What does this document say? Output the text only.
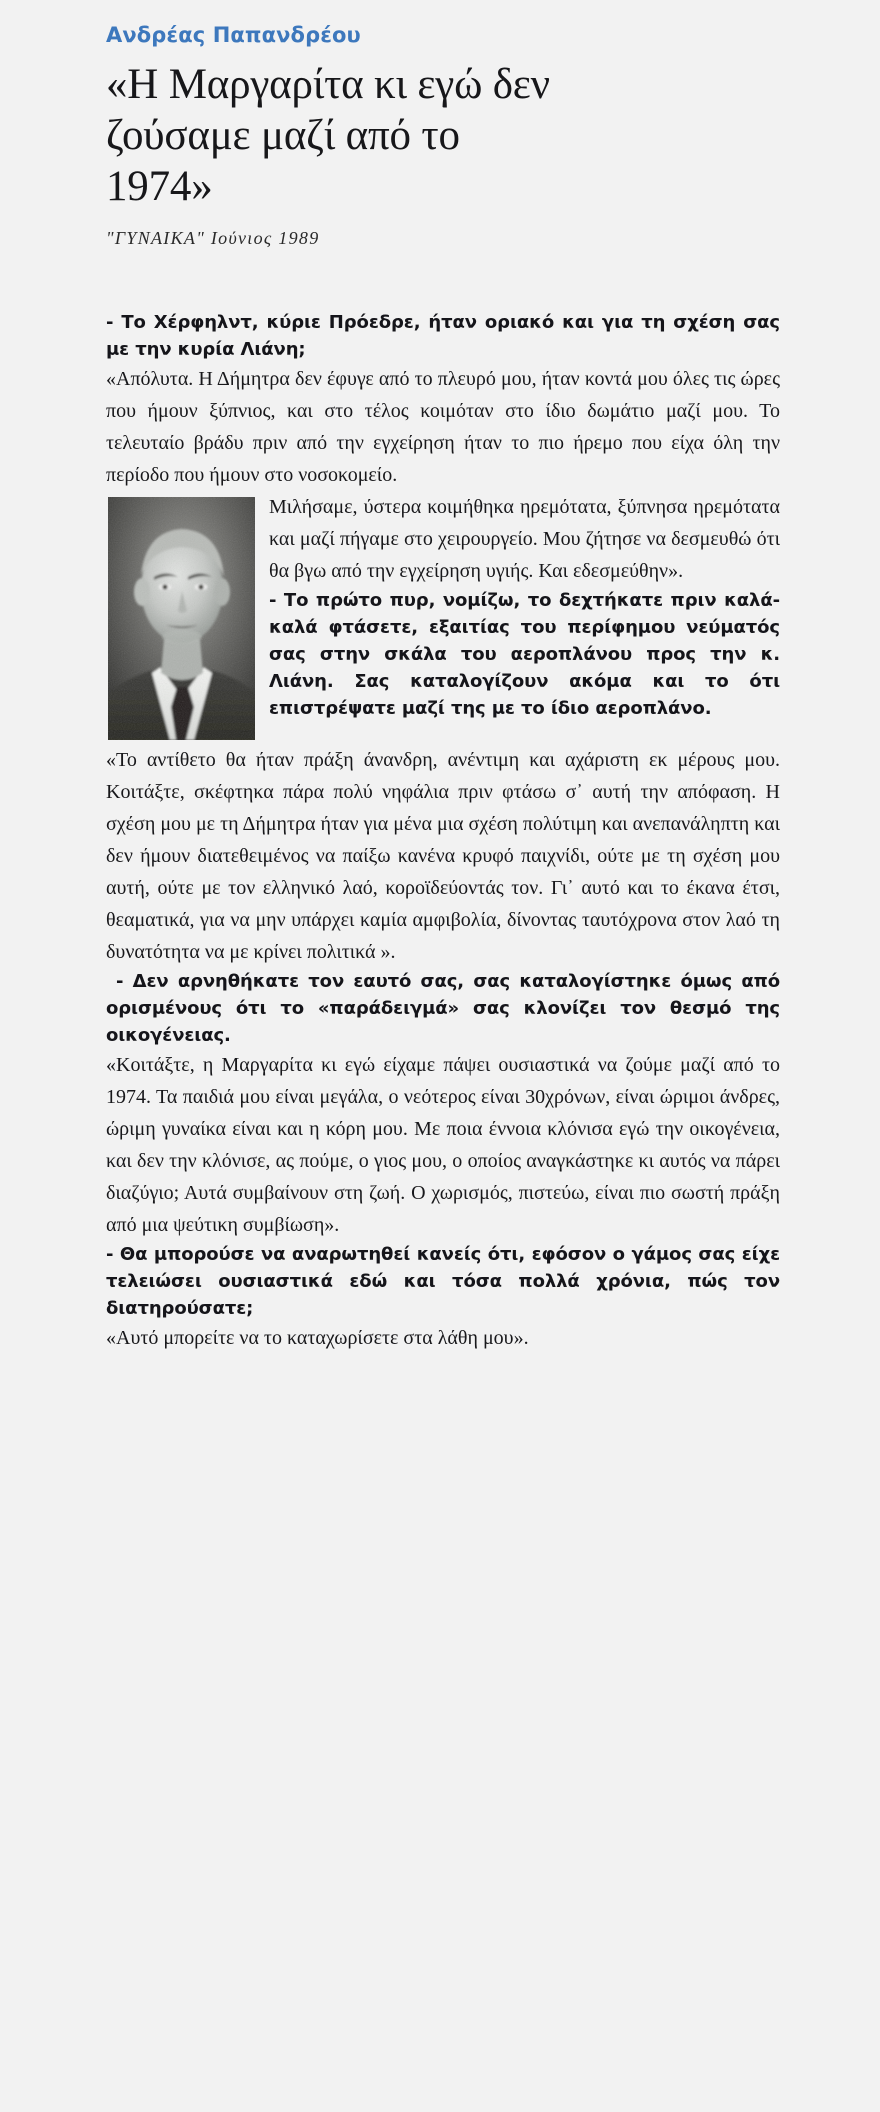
Ανδρέας Παπανδρέου
«Η Μαργαρίτα κι εγώ δεν ζούσαμε μαζί από το 1974»
"ΓΥΝΑΙΚΑ" Ιούνιος 1989

- Το Χέρφηλντ, κύριε Πρόεδρε, ήταν οριακό και για τη σχέση σας με την κυρία Λιάνη;

«Απόλυτα. Η Δήμητρα δεν έφυγε από το πλευρό μου, ήταν κοντά μου όλες τις ώρες που ήμουν ξύπνιος, και στο τέλος κοιμόταν στο ίδιο δωμάτιο μαζί μου. Το τελευταίο βράδυ πριν από την εγχείρηση ήταν το πιο ήρεμο που είχα όλη την περίοδο που ήμουν στο νοσοκομείο.

Μιλήσαμε, ύστερα κοιμήθηκα ηρεμότατα, ξύπνησα ηρεμότατα και μαζί πήγαμε στο χειρουργείο. Μου ζήτησε να δεσμευθώ ότι θα βγω από την εγχείρηση υγιής. Και εδεσμεύθην».

- Το πρώτο πυρ, νομίζω, το δεχτήκατε πριν καλά-καλά φτάσετε, εξαιτίας του περίφημου νεύματός σας στην σκάλα του αεροπλάνου προς την κ. Λιάνη. Σας καταλογίζουν ακόμα και το ότι επιστρέψατε μαζί της με το ίδιο αεροπλάνο.

«Το αντίθετο θα ήταν πράξη άνανδρη, ανέντιμη και αχάριστη εκ μέρους μου. Κοιτάξτε, σκέφτηκα πάρα πολύ νηφάλια πριν φτάσω σ᾽ αυτή την απόφαση. Η σχέση μου με τη Δήμητρα ήταν για μένα μια σχέση πολύτιμη και ανεπανάληπτη και δεν ήμουν διατεθειμένος να παίξω κανένα κρυφό παιχνίδι, ούτε με τη σχέση μου αυτή, ούτε με τον ελληνικό λαό, κοροϊδεύοντάς τον. Γι᾽ αυτό και το έκανα έτσι, θεαματικά, για να μην υπάρχει καμία αμφιβολία, δίνοντας ταυτόχρονα στον λαό τη δυνατότητα να με κρίνει πολιτικά ».

- Δεν αρνηθήκατε τον εαυτό σας, σας καταλογίστηκε όμως από ορισμένους ότι το «παράδειγμά» σας κλονίζει τον θεσμό της οικογένειας.

«Κοιτάξτε, η Μαργαρίτα κι εγώ είχαμε πάψει ουσιαστικά να ζούμε μαζί από το 1974. Τα παιδιά μου είναι μεγάλα, ο νεότερος είναι 30χρόνων, είναι ώριμοι άνδρες, ώριμη γυναίκα είναι και η κόρη μου. Με ποια έννοια κλόνισα εγώ την οικογένεια, και δεν την κλόνισε, ας πούμε, ο γιος μου, ο οποίος αναγκάστηκε κι αυτός να πάρει διαζύγιο; Αυτά συμβαίνουν στη ζωή. Ο χωρισμός, πιστεύω, είναι πιο σωστή πράξη από μια ψεύτικη συμβίωση».

- Θα μπορούσε να αναρωτηθεί κανείς ότι, εφόσον ο γάμος σας είχε τελειώσει ουσιαστικά εδώ και τόσα πολλά χρόνια, πώς τον διατηρούσατε;

«Αυτό μπορείτε να το καταχωρίσετε στα λάθη μου».
